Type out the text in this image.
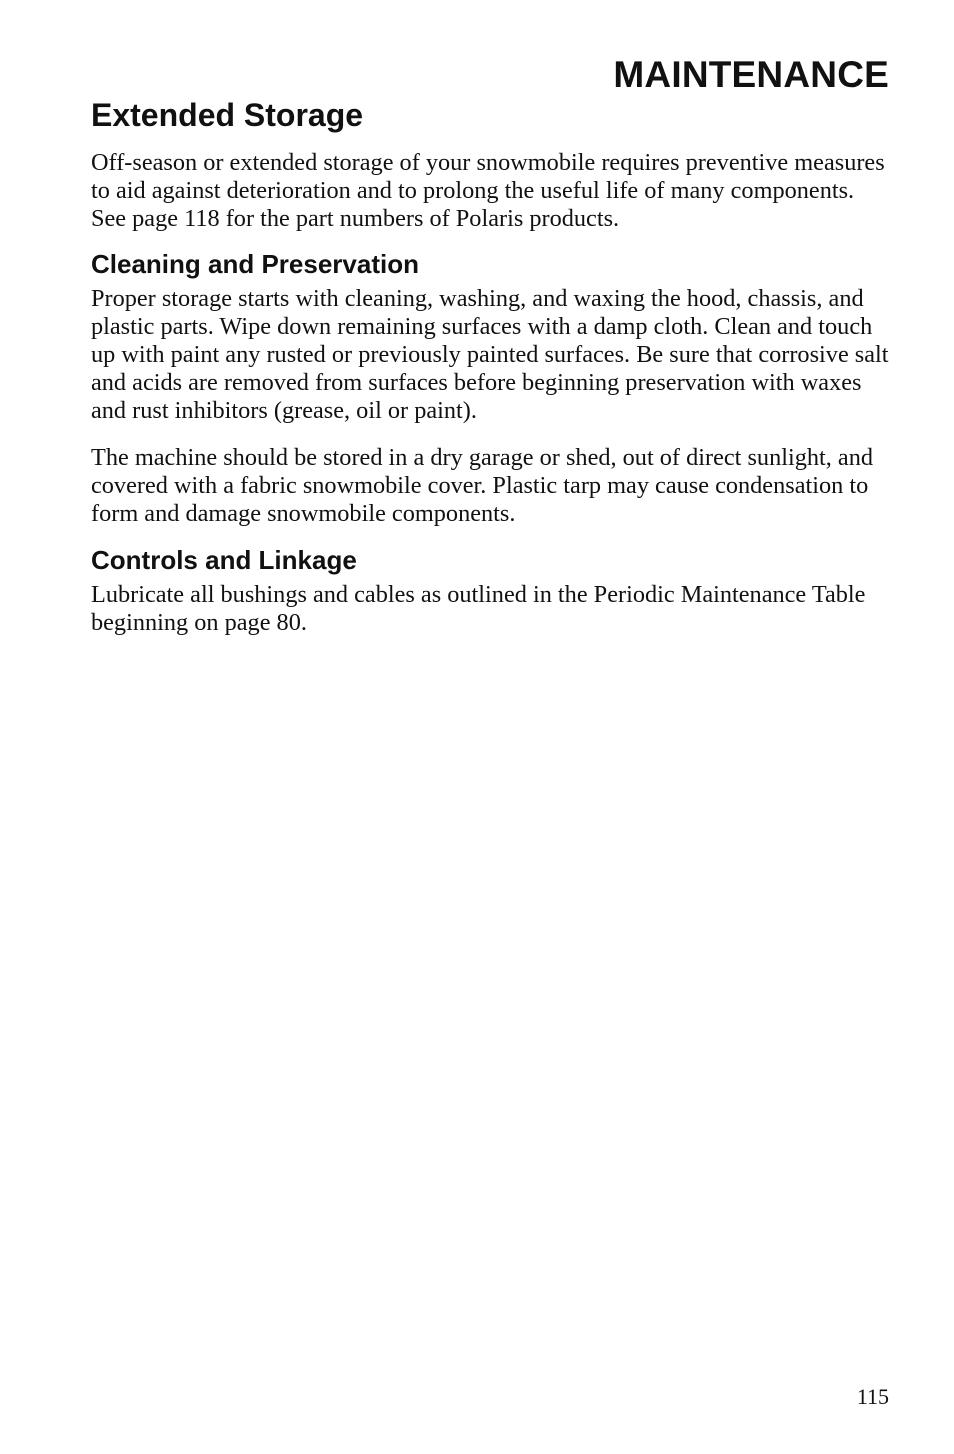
MAINTENANCE
Extended Storage

Off-season or extended storage of your snowmobile requires preventive measures to aid against deterioration and to prolong the useful life of many components. See page 118 for the part numbers of Polaris products.

Cleaning and Preservation

Proper storage starts with cleaning, washing, and waxing the hood, chassis, and plastic parts. Wipe down remaining surfaces with a damp cloth. Clean and touch up with paint any rusted or previously painted surfaces. Be sure that corrosive salt and acids are removed from surfaces before beginning preservation with waxes and rust inhibitors (grease, oil or paint).

The machine should be stored in a dry garage or shed, out of direct sunlight, and covered with a fabric snowmobile cover. Plastic tarp may cause condensation to form and damage snowmobile components.

Controls and Linkage

Lubricate all bushings and cables as outlined in the Periodic Maintenance Table beginning on page 80.

115
